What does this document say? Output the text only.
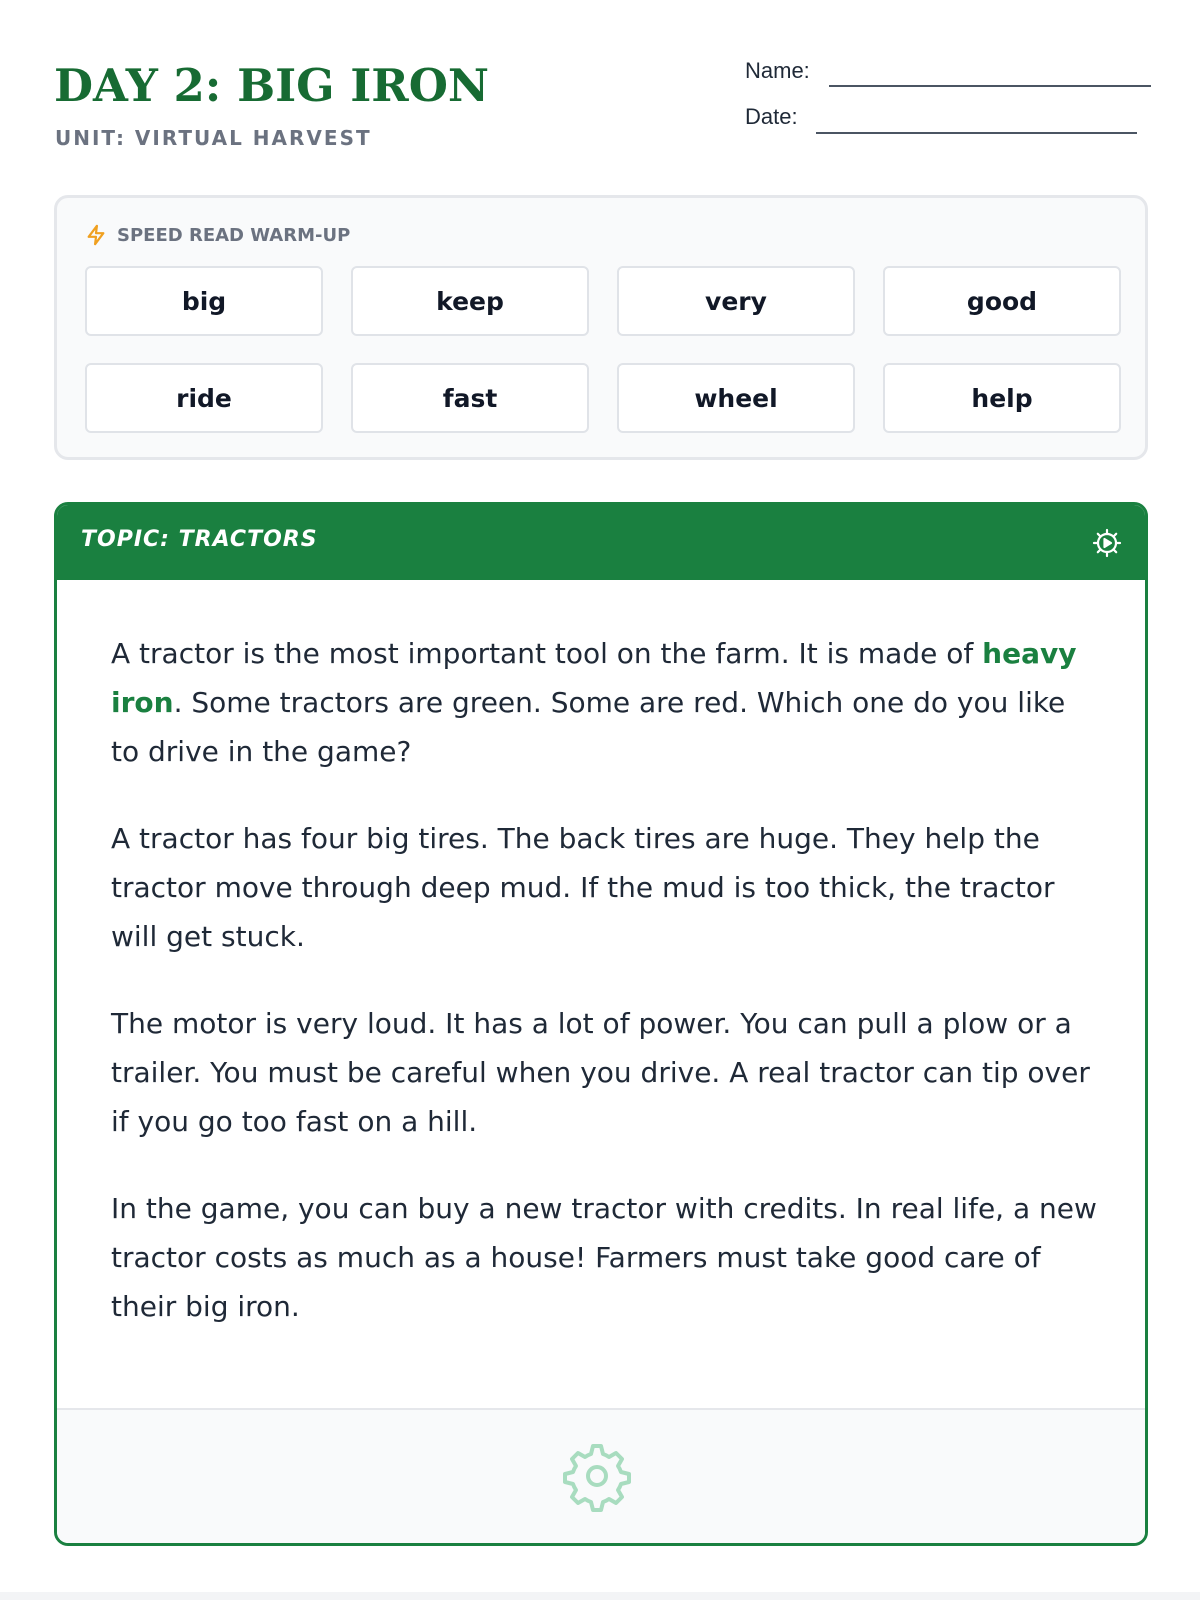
DAY 2: BIG IRON
UNIT: VIRTUAL HARVEST
Name:
Date:
SPEED READ WARM-UP
big	keep	very	good
ride	fast	wheel	help
TOPIC: TRACTORS

A tractor is the most important tool on the farm. It is made of heavy iron. Some tractors are green. Some are red. Which one do you like to drive in the game?

A tractor has four big tires. The back tires are huge. They help the tractor move through deep mud. If the mud is too thick, the tractor will get stuck.

The motor is very loud. It has a lot of power. You can pull a plow or a trailer. You must be careful when you drive. A real tractor can tip over if you go too fast on a hill.

In the game, you can buy a new tractor with credits. In real life, a new tractor costs as much as a house! Farmers must take good care of their big iron.
